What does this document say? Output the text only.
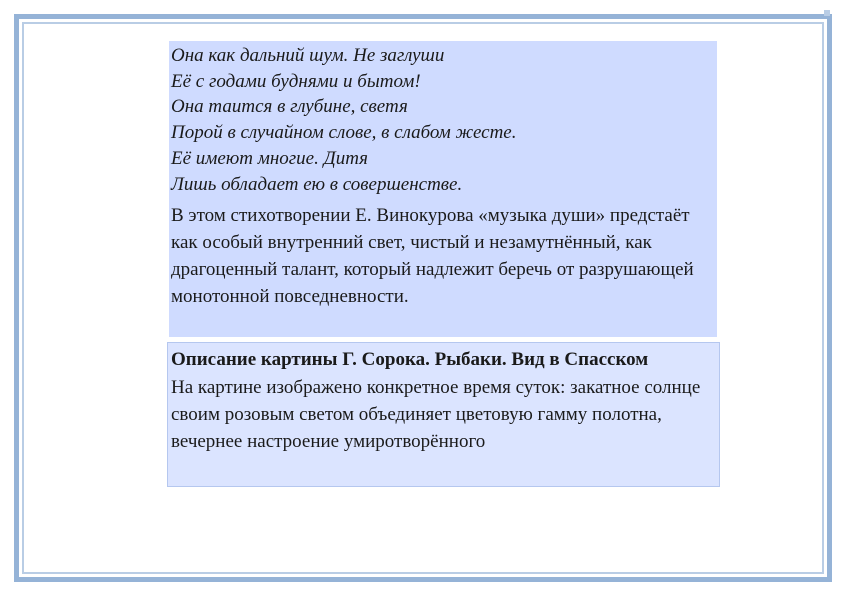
Она как дальний шум. Не заглуши
Её с годами буднями и бытом!
Она таится в глубине, светя
Порой в случайном слове, в слабом жесте.
Её имеют многие. Дитя
Лишь обладает ею в совершенстве.
В этом стихотворении Е. Винокурова «музыка души» предстаёт как особый внутренний свет, чистый и незамутнённый, как драгоценный талант, который надлежит беречь от разрушающей монотонной повседневности.
Описание картины Г. Сорока. Рыбаки. Вид в Спасском
На картине изображено конкретное время суток: закатное солнце своим розовым светом объединяет цветовую гамму полотна, вечернее настроение умиротворённого
